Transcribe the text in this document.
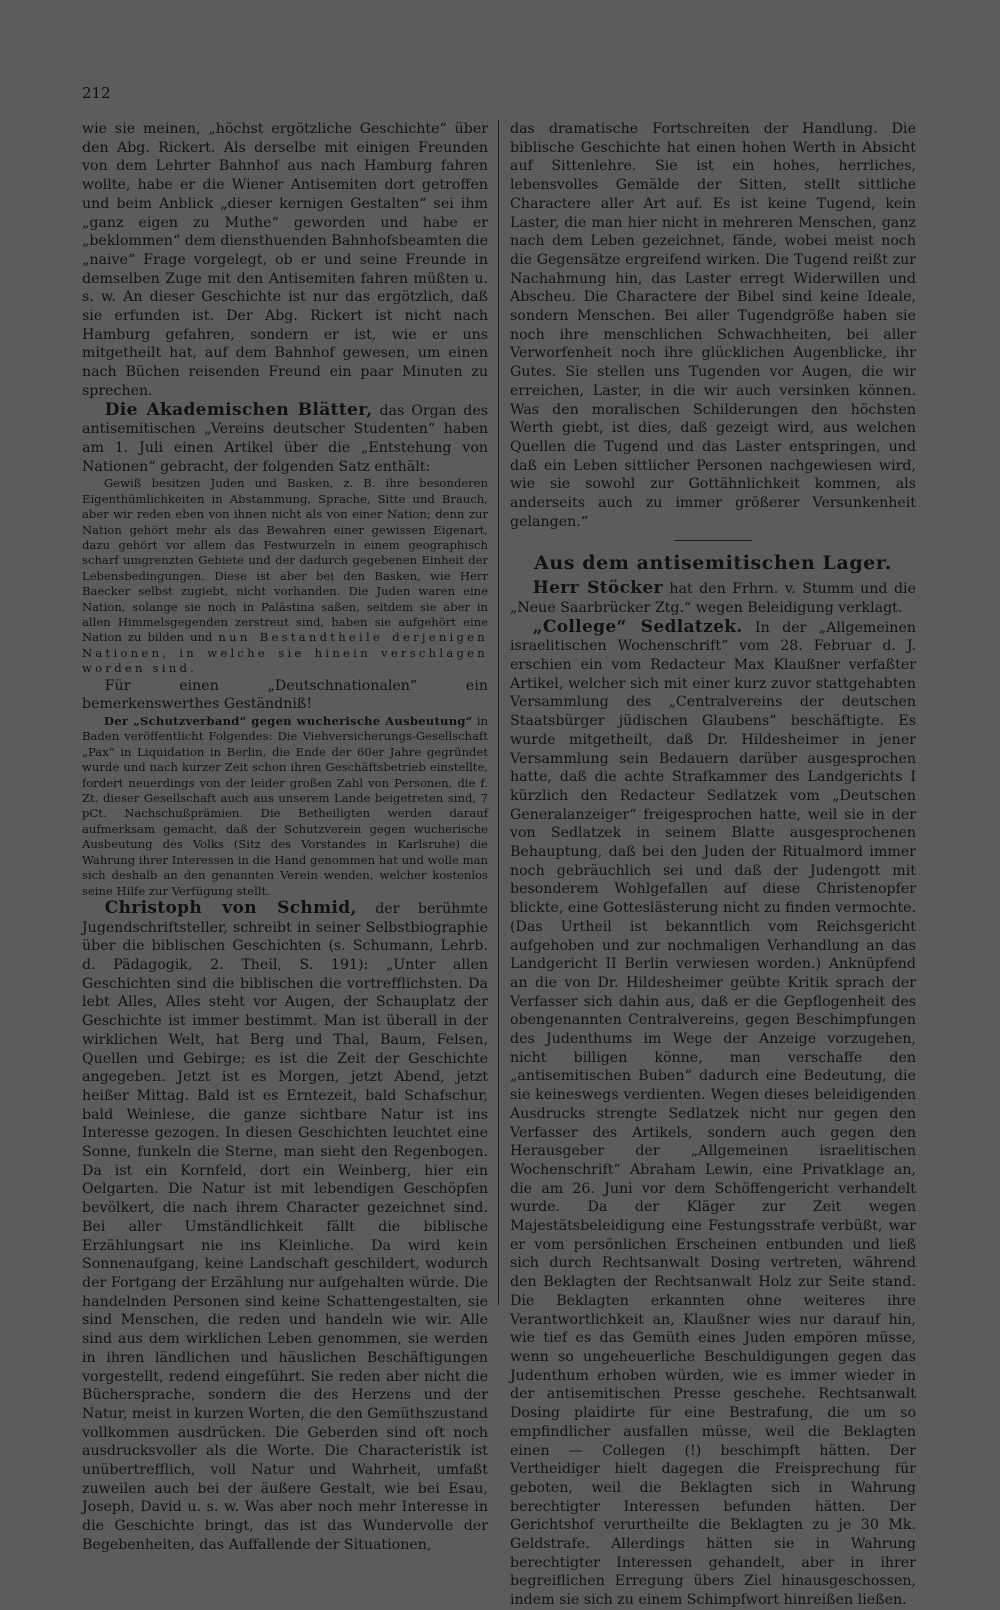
212

wie sie meinen, „höchst ergötzliche Geschichte“ über den Abg. Rickert. Als derselbe mit einigen Freunden von dem Lehrter Bahnhof aus nach Hamburg fahren wollte, habe er die Wiener Antisemiten dort getroffen und beim Anblick „dieser kernigen Gestalten“ sei ihm „ganz eigen zu Muthe“ geworden und habe er „beklommen“ dem diensthuenden Bahnhofsbeamten die „naive“ Frage vorgelegt, ob er und seine Freunde in demselben Zuge mit den Antisemiten fahren müßten u. s. w. An dieser Geschichte ist nur das ergötzlich, daß sie erfunden ist. Der Abg. Rickert ist nicht nach Hamburg gefahren, sondern er ist, wie er uns mitgetheilt hat, auf dem Bahnhof gewesen, um einen nach Büchen reisenden Freund ein paar Minuten zu sprechen.

Die Akademischen Blätter, das Organ des antisemitischen „Vereins deutscher Studenten“ haben am 1. Juli einen Artikel über die „Entstehung von Nationen“ gebracht, der folgenden Satz enthält:

Gewiß besitzen Juden und Basken, z. B. ihre besonderen Eigenthümlichkeiten in Abstammung, Sprache, Sitte und Brauch, aber wir reden eben von ihnen nicht als von einer Nation; denn zur Nation gehört mehr als das Bewahren einer gewissen Eigenart, dazu gehört vor allem das Festwurzeln in einem geographisch scharf umgrenzten Gebiete und der dadurch gegebenen Einheit der Lebensbedingungen. Diese ist aber bei den Basken, wie Herr Baecker selbst zugiebt, nicht vorhanden. Die Juden waren eine Nation, solange sie noch in Palästina saßen, seitdem sie aber in allen Himmelsgegenden zerstreut sind, haben sie aufgehört eine Nation zu bilden und nun Bestandtheile derjenigen Nationen, in welche sie hinein verschlagen worden sind.

Für einen „Deutschnationalen“ ein bemerkenswerthes Geständniß!

Der „Schutzverband“ gegen wucherische Ausbeutung“ in Baden veröffentlicht Folgendes: Die Viehversicherungs-Gesellschaft „Pax“ in Liquidation in Berlin, die Ende der 60er Jahre gegründet wurde und nach kurzer Zeit schon ihren Geschäftsbetrieb einstellte, fordert neuerdings von der leider großen Zahl von Personen, die f. Zt. dieser Gesellschaft auch aus unserem Lande beigetreten sind, 7 pCt. Nachschußprämien. Die Betheiligten werden darauf aufmerksam gemacht, daß der Schutzverein gegen wucherische Ausbeutung des Volks (Sitz des Vorstandes in Karlsruhe) die Wahrung ihrer Interessen in die Hand genommen hat und wolle man sich deshalb an den genannten Verein wenden, welcher kostenlos seine Hilfe zur Verfügung stellt.

Christoph von Schmid, der berühmte Jugendschriftsteller, schreibt in seiner Selbstbiographie über die biblischen Geschichten (s. Schumann, Lehrb. d. Pädagogik, 2. Theil, S. 191): „Unter allen Geschichten sind die biblischen die vortrefflichsten. Da lebt Alles, Alles steht vor Augen, der Schauplatz der Geschichte ist immer bestimmt. Man ist überall in der wirklichen Welt, hat Berg und Thal, Baum, Felsen, Quellen und Gebirge; es ist die Zeit der Geschichte angegeben. Jetzt ist es Morgen, jetzt Abend, jetzt heißer Mittag. Bald ist es Erntezeit, bald Schafschur, bald Weinlese, die ganze sichtbare Natur ist ins Interesse gezogen. In diesen Geschichten leuchtet eine Sonne, funkeln die Sterne, man sieht den Regenbogen. Da ist ein Kornfeld, dort ein Weinberg, hier ein Oelgarten. Die Natur ist mit lebendigen Geschöpfen bevölkert, die nach ihrem Character gezeichnet sind. Bei aller Umständlichkeit fällt die biblische Erzählungsart nie ins Kleinliche. Da wird kein Sonnenaufgang, keine Landschaft geschildert, wodurch der Fortgang der Erzählung nur aufgehalten würde. Die handelnden Personen sind keine Schattengestalten, sie sind Menschen, die reden und handeln wie wir. Alle sind aus dem wirklichen Leben genommen, sie werden in ihren ländlichen und häuslichen Beschäftigungen vorgestellt, redend eingeführt. Sie reden aber nicht die Büchersprache, sondern die des Herzens und der Natur, meist in kurzen Worten, die den Gemüthszustand vollkommen ausdrücken. Die Geberden sind oft noch ausdrucksvoller als die Worte. Die Characteristik ist unübertrefflich, voll Natur und Wahrheit, umfaßt zuweilen auch bei der äußere Gestalt, wie bei Esau, Joseph, David u. s. w. Was aber noch mehr Interesse in die Geschichte bringt, das ist das Wundervolle der Begebenheiten, das Auffallende der Situationen,

das dramatische Fortschreiten der Handlung. Die biblische Geschichte hat einen hohen Werth in Absicht auf Sittenlehre. Sie ist ein hohes, herrliches, lebensvolles Gemälde der Sitten, stellt sittliche Charactere aller Art auf. Es ist keine Tugend, kein Laster, die man hier nicht in mehreren Menschen, ganz nach dem Leben gezeichnet, fände, wobei meist noch die Gegensätze ergreifend wirken. Die Tugend reißt zur Nachahmung hin, das Laster erregt Widerwillen und Abscheu. Die Charactere der Bibel sind keine Ideale, sondern Menschen. Bei aller Tugendgröße haben sie noch ihre menschlichen Schwachheiten, bei aller Verworfenheit noch ihre glücklichen Augenblicke, ihr Gutes. Sie stellen uns Tugenden vor Augen, die wir erreichen, Laster, in die wir auch versinken können. Was den moralischen Schilderungen den höchsten Werth giebt, ist dies, daß gezeigt wird, aus welchen Quellen die Tugend und das Laster entspringen, und daß ein Leben sittlicher Personen nachgewiesen wird, wie sie sowohl zur Gottähnlichkeit kommen, als anderseits auch zu immer größerer Versunkenheit gelangen.“

Aus dem antisemitischen Lager.

Herr Stöcker hat den Frhrn. v. Stumm und die „Neue Saarbrücker Ztg.“ wegen Beleidigung verklagt.

„College“ Sedlatzek. In der „Allgemeinen israelitischen Wochenschrift“ vom 28. Februar d. J. erschien ein vom Redacteur Max Klaußner verfaßter Artikel, welcher sich mit einer kurz zuvor stattgehabten Versammlung des „Centralvereins der deutschen Staatsbürger jüdischen Glaubens“ beschäftigte. Es wurde mitgetheilt, daß Dr. Hildesheimer in jener Versammlung sein Bedauern darüber ausgesprochen hatte, daß die achte Strafkammer des Landgerichts I kürzlich den Redacteur Sedlatzek vom „Deutschen Generalanzeiger“ freigesprochen hatte, weil sie in der von Sedlatzek in seinem Blatte ausgesprochenen Behauptung, daß bei den Juden der Ritualmord immer noch gebräuchlich sei und daß der Judengott mit besonderem Wohlgefallen auf diese Christenopfer blickte, eine Gotteslästerung nicht zu finden vermochte. (Das Urtheil ist bekanntlich vom Reichsgericht aufgehoben und zur nochmaligen Verhandlung an das Landgericht II Berlin verwiesen worden.) Anknüpfend an die von Dr. Hildesheimer geübte Kritik sprach der Verfasser sich dahin aus, daß er die Gepflogenheit des obengenannten Centralvereins, gegen Beschimpfungen des Judenthums im Wege der Anzeige vorzugehen, nicht billigen könne, man verschaffe den „antisemitischen Buben“ dadurch eine Bedeutung, die sie keineswegs verdienten. Wegen dieses beleidigenden Ausdrucks strengte Sedlatzek nicht nur gegen den Verfasser des Artikels, sondern auch gegen den Herausgeber der „Allgemeinen israelitischen Wochenschrift“ Abraham Lewin, eine Privatklage an, die am 26. Juni vor dem Schöffengericht verhandelt wurde. Da der Kläger zur Zeit wegen Majestätsbeleidigung eine Festungsstrafe verbüßt, war er vom persönlichen Erscheinen entbunden und ließ sich durch Rechtsanwalt Dosing vertreten, während den Beklagten der Rechtsanwalt Holz zur Seite stand. Die Beklagten erkannten ohne weiteres ihre Verantwortlichkeit an, Klaußner wies nur darauf hin, wie tief es das Gemüth eines Juden empören müsse, wenn so ungeheuerliche Beschuldigungen gegen das Judenthum erhoben würden, wie es immer wieder in der antisemitischen Presse geschehe. Rechtsanwalt Dosing plaidirte für eine Bestrafung, die um so empfindlicher ausfallen müsse, weil die Beklagten einen — Collegen (!) beschimpft hätten. Der Vertheidiger hielt dagegen die Freisprechung für geboten, weil die Beklagten sich in Wahrung berechtigter Interessen befunden hätten. Der Gerichtshof verurtheilte die Beklagten zu je 30 Mk. Geldstrafe. Allerdings hätten sie in Wahrung berechtigter Interessen gehandelt, aber in ihrer begreiflichen Erregung übers Ziel hinausgeschossen, indem sie sich zu einem Schimpfwort hinreißen ließen.
